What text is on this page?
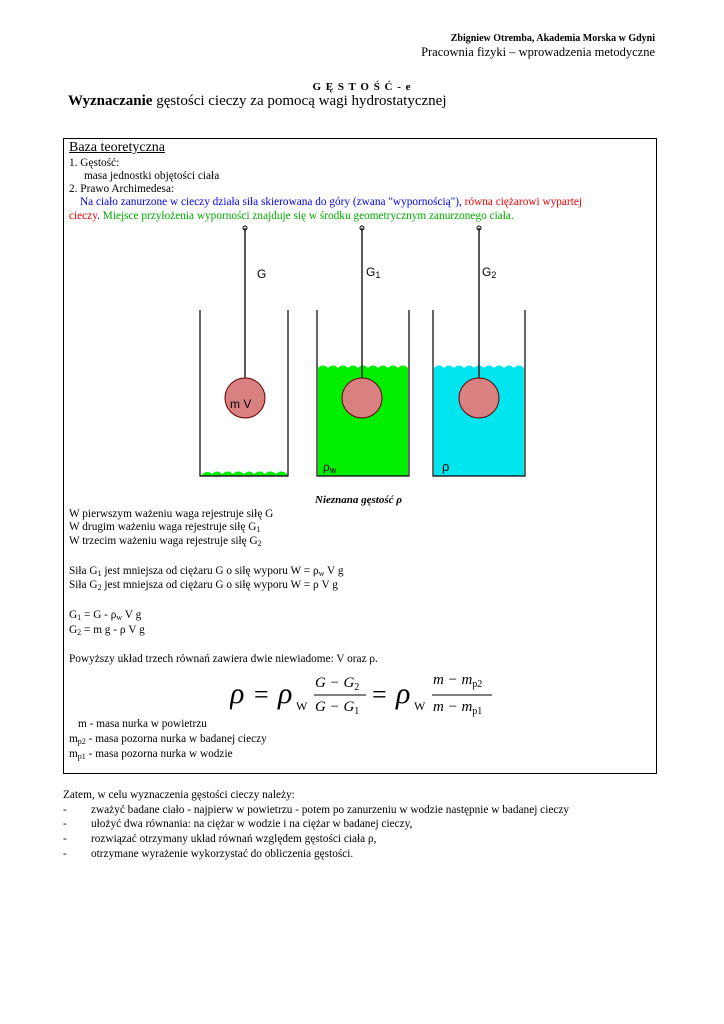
Zbigniew Otremba, Akademia Morska w Gdyni
Pracownia fizyki – wprowadzenia metodyczne
G Ę S T O Ś Ć - e
Wyznaczanie gęstości cieczy za pomocą wagi hydrostatycznej
Baza teoretyczna
1. Gęstość:
masa jednostki objętości ciała
2. Prawo Archimedesa:
Na ciało zanurzone w cieczy działa siła skierowana do góry (zwana "wypornością"), równa ciężarowi wypartej
cieczy. Miejsce przyłożenia wyporności znajduje się w środku geometrycznym zanurzonego ciała.
Nieznana gęstość ρ
W pierwszym ważeniu waga rejestruje siłę G
W drugim ważeniu waga rejestruje siłę $G_1$
W trzecim ważeniu waga rejestruje siłę $G_2$
Siła $G_1$ jest mniejsza od ciężaru G o siłę wyporu $W = \rho_w$ V g
Siła $G_2$ jest mniejsza od ciężaru G o siłę wyporu W = ρ V g
$G_1 = G - \rho_w$ V g
$G_2 = m$ g - ρ V g
Powyższy układ trzech równań zawiera dwie niewiadome: V oraz ρ.
m - masa nurka w powietrzu
$m_{p2}$ - masa pozorna nurka w badanej cieczy
$m_{p1}$ - masa pozorna nurka w wodzie
G
m V
G1
ρw
G2
ρ
ρ = ρ W
$G - G_2$
$G - G_1$
= ρ W
$m - m_{p2}$
$m - m_{p1}$
Zatem, w celu wyznaczenia gęstości cieczy należy:
- zważyć badane ciało - najpierw w powietrzu - potem po zanurzeniu w wodzie następnie w badanej cieczy
- ułożyć dwa równania: na ciężar w wodzie i na ciężar w badanej cieczy,
- rozwiązać otrzymany układ równań względem gęstości ciała ρ,
- otrzymane wyrażenie wykorzystać do obliczenia gęstości.
